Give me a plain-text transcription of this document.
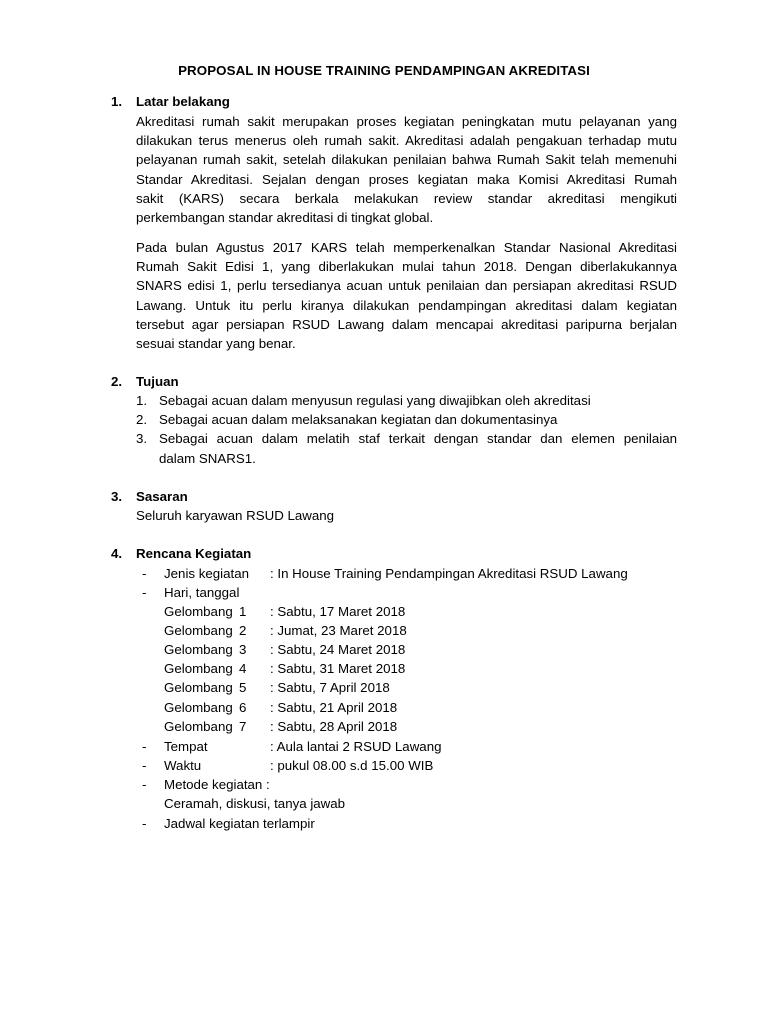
PROPOSAL IN HOUSE TRAINING PENDAMPINGAN AKREDITASI
1. Latar belakang
Akreditasi rumah sakit merupakan proses kegiatan peningkatan mutu pelayanan yang
dilakukan terus menerus oleh rumah sakit. Akreditasi adalah pengakuan terhadap mutu
pelayanan rumah sakit, setelah dilakukan penilaian bahwa Rumah Sakit telah memenuhi
Standar Akreditasi. Sejalan dengan proses kegiatan maka Komisi Akreditasi Rumah
sakit (KARS) secara berkala melakukan review standar akreditasi mengikuti
perkembangan standar akreditasi di tingkat global.
Pada bulan Agustus 2017 KARS telah memperkenalkan Standar Nasional Akreditasi
Rumah Sakit Edisi 1, yang diberlakukan mulai tahun 2018. Dengan diberlakukannya
SNARS edisi 1, perlu tersedianya acuan untuk penilaian dan persiapan akreditasi RSUD
Lawang. Untuk itu perlu kiranya dilakukan pendampingan akreditasi dalam kegiatan
tersebut agar persiapan RSUD Lawang dalam mencapai akreditasi paripurna berjalan
sesuai standar yang benar.
2. Tujuan
1. Sebagai acuan dalam menyusun regulasi yang diwajibkan oleh akreditasi
2. Sebagai acuan dalam melaksanakan kegiatan dan dokumentasinya
3. Sebagai acuan dalam melatih staf terkait dengan standar dan elemen penilaian
dalam SNARS1.
3. Sasaran
Seluruh karyawan RSUD Lawang
4. Rencana Kegiatan
- Jenis kegiatan : In House Training Pendampingan Akreditasi RSUD Lawang
- Hari, tanggal
Gelombang 1 : Sabtu, 17 Maret 2018
Gelombang 2 : Jumat, 23 Maret 2018
Gelombang 3 : Sabtu, 24 Maret 2018
Gelombang 4 : Sabtu, 31 Maret 2018
Gelombang 5 : Sabtu, 7 April 2018
Gelombang 6 : Sabtu, 21 April 2018
Gelombang 7 : Sabtu, 28 April 2018
- Tempat	: Aula lantai 2 RSUD Lawang
- Waktu	: pukul 08.00 s.d 15.00 WIB
- Metode kegiatan :
Ceramah, diskusi, tanya jawab
- Jadwal kegiatan terlampir
